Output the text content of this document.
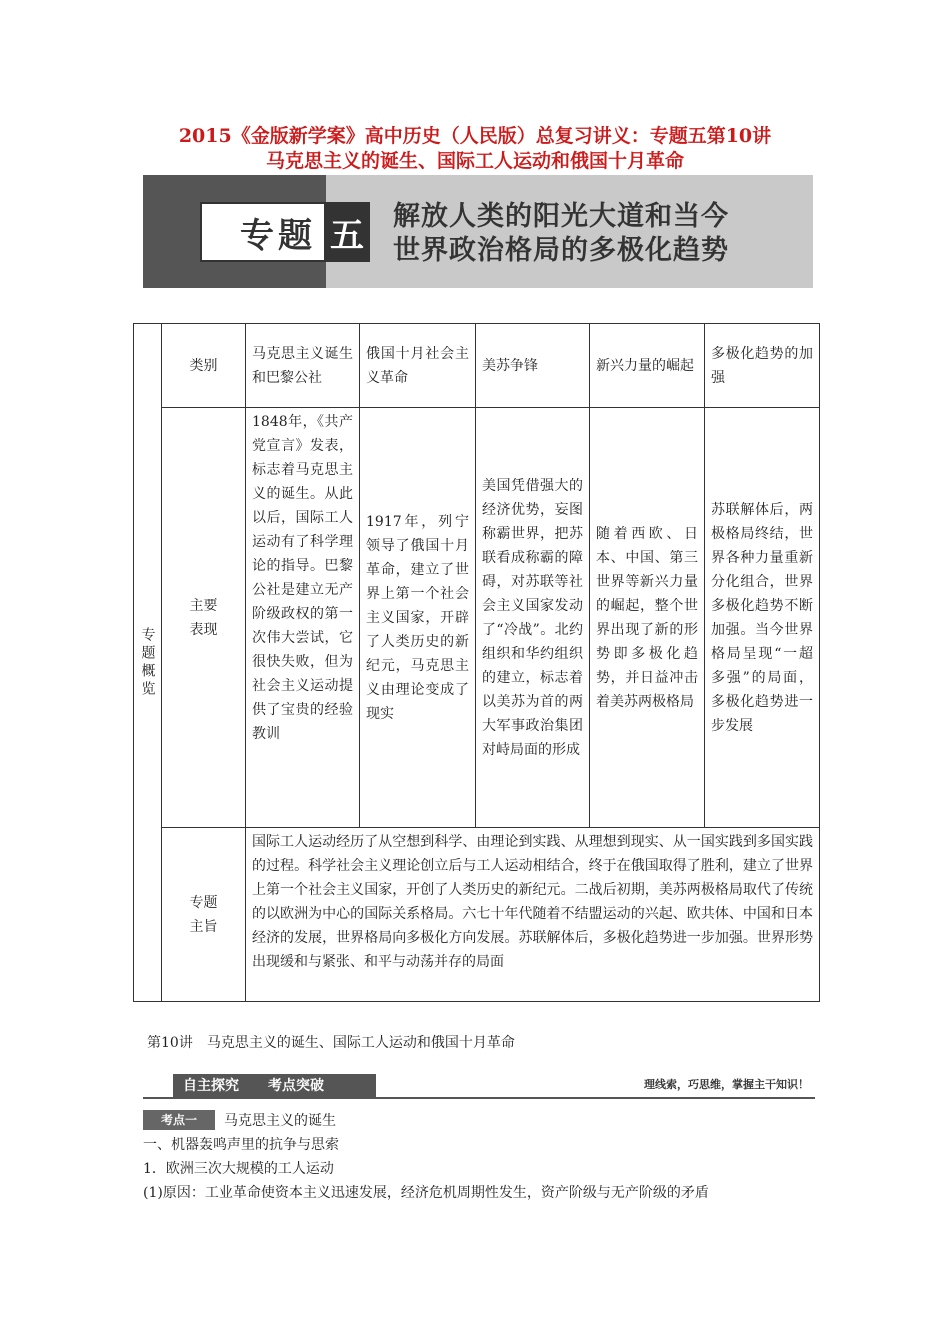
2015《金版新学案》高中历史（人民版）总复习讲义：专题五第10讲
马克思主义的诞生、国际工人运动和俄国十月革命
专题 五 解放人类的阳光大道和当今
世界政治格局的多极化趋势
专题概览	类别	马克思主义诞生和巴黎公社	俄国十月社会主义革命	美苏争锋	新兴力量的崛起	多极化趋势的加强

	主要表现	1848年，《共产党宣言》发表，标志着马克思主义的诞生。从此以后，国际工人运动有了科学理论的指导。巴黎公社是建立无产阶级政权的第一次伟大尝试，它很快失败，但为社会主义运动提供了宝贵的经验教训	1917年，列宁领导了俄国十月革命，建立了世界上第一个社会主义国家，开辟了人类历史的新纪元，马克思主义由理论变成了现实	美国凭借强大的经济优势，妄图称霸世界，把苏联看成称霸的障碍，对苏联等社会主义国家发动了“冷战”。北约组织和华约组织的建立，标志着以美苏为首的两大军事政治集团对峙局面的形成	随着西欧、日本、中国、第三世界等新兴力量的崛起，整个世界出现了新的形势即多极化趋势，并日益冲击着美苏两极格局	苏联解体后，两极格局终结，世界各种力量重新分化组合，世界多极化趋势不断加强。当今世界格局呈现“一超多强”的局面，多极化趋势进一步发展

	专题主旨	国际工人运动经历了从空想到科学、由理论到实践、从理想到现实、从一国实践到多国实践的过程。科学社会主义理论创立后与工人运动相结合，终于在俄国取得了胜利，建立了世界上第一个社会主义国家，开创了人类历史的新纪元。二战后初期，美苏两极格局取代了传统的以欧洲为中心的国际关系格局。六七十年代随着不结盟运动的兴起、欧共体、中国和日本经济的发展，世界格局向多极化方向发展。苏联解体后，多极化趋势进一步加强。世界形势出现缓和与紧张、和平与动荡并存的局面				
第10讲　马克思主义的诞生、国际工人运动和俄国十月革命
自主探究	考点突破	理线索，巧思维，掌握主干知识！
考点一	马克思主义的诞生
一、机器轰鸣声里的抗争与思索
1．欧洲三次大规模的工人运动
(1)原因：工业革命使资本主义迅速发展，经济危机周期性发生，资产阶级与无产阶级的矛盾
